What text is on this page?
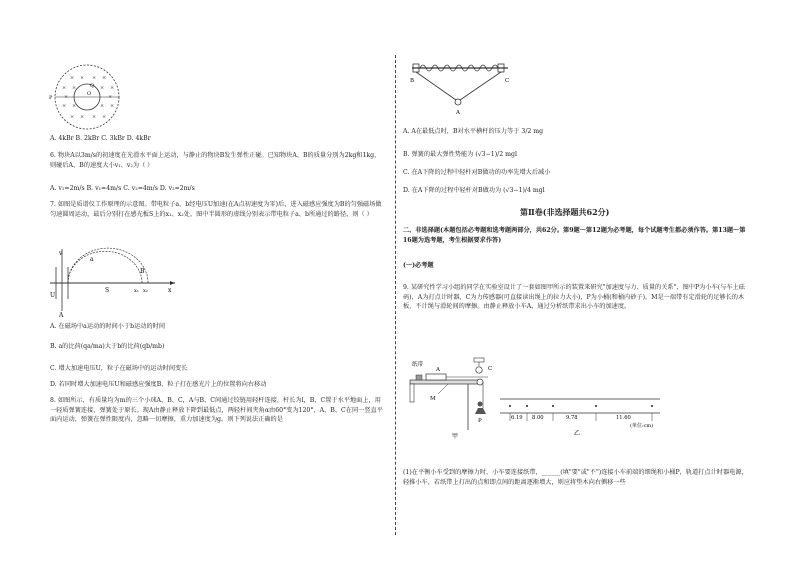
× × × ×
× ×	× ×
× ×	× ×
× × × ×
×	×
P
O
Q
A. 4kBr B. 2kBr C. 3kBr D. 4kBr
6. 物块A以3m/s的初速度在光滑水平面上运动，与静止的物块B发生弹性正碰。已知物块A、B的质量分别为2kg和1kg，则碰后A、B的速度大小v₁、v₂为（ ）
A. v₁=2m/s B. v₁=4m/s C. v₂=4m/s D. v₂=2m/s
7. 如图是质谱仪工作原理的示意图。带电粒子a、b经电压U加速(在A点初速度为零)后，进入磁感应强度为B的匀强磁场做匀速圆周运动，最后分别打在感光板S上的x₁、x₂处。图中半圆形的虚线分别表示带电粒子a、b所通过的路径，则（ ）
v
U
a
B
S	x₁ x₂	x
A
A. 在磁场中a运动的时间小于b运动的时间
B. a的比荷(qa/ma)大于b的比荷(qb/mb)
C. 增大加速电压U，粒子在磁场中的运动时间变长
D. 若同时增大加速电压U和磁感应强度B，粒子打在感光片上的位置将向右移动
8. 如图所示，有质量均为m的三个小球A、B、C，A与B、C间通过铰链用轻杆连接，杆长为l，B、C置于水平地面上，用一轻质弹簧连接，弹簧处于原长。现A由静止释放下降到最低点，两轻杆间夹角α由60°变为120°，A、B、C在同一竖直平面内运动，弹簧在弹性限度内，忽略一切摩擦，重力加速度为g。则下列说法正确的是
B	C
A
A. A在最低点时，B对水平横杆的压力等于 3/2 mg
B. 弹簧的最大弹性势能为 (√3−1)/2 mgl
C. 在A下降的过程中轻杆对B做功的功率先增大后减小
D. 在A下降的过程中轻杆对B做功为 (√3−1)/4 mgl
第Ⅱ卷(非选择题共62分)
二、非选择题(本题包括必考题和选考题两部分，共62分。第9题～第12题为必考题，每个试题考生都必须作答。第13题～第16题为选考题，考生根据要求作答)
(一)必考题
9. 某研究性学习小组的同学在实验室设计了一套如图甲所示的装置来研究"加速度与力、质量的关系"，图中P为小车(与车上砝码)，A为打点计时器，C为力传感器(可直接读出绳上的拉力大小)，P为小桶(和桶内砂子)，M是一端带有定滑轮的足够长的木板，不计绳与滑轮间的摩擦。由静止释放小车A，通过分析纸带求出小车的加速度。
纸带
A	C
M
P
甲
6.19 8.00	9.78	11.60
(单位:cm)
乙
(1)在平衡小车受到的摩擦力时，小车要连接纸带，______(填"要"或"不")连接小车前端的细绳和小桶P，轨道打点计时器电源，轻推小车，若纸带上打出的点和即点间的距离逐渐增大，则应将垫木向右侧移一些
